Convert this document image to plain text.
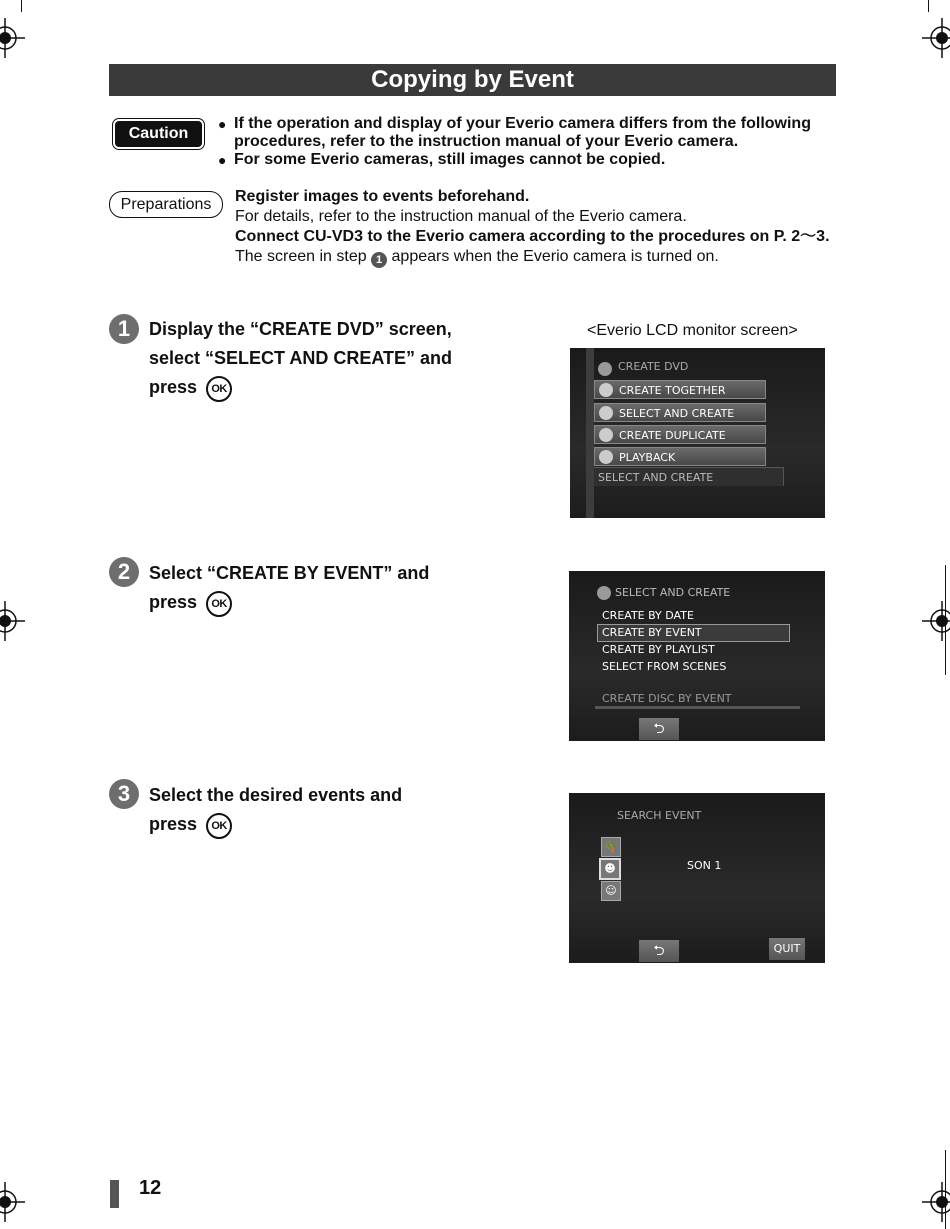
Copying by Event
Caution

● If the operation and display of your Everio camera differs from the following procedures, refer to the instruction manual of your Everio camera.

● For some Everio cameras, still images cannot be copied.

Preparations	Register images to events beforehand.
For details, refer to the instruction manual of the Everio camera.
Connect CU-VD3 to the Everio camera according to the procedures on P. 2～3.
The screen in step 1 appears when the Everio camera is turned on.
<Everio LCD monitor screen>
1	Display the “CREATE DVD” screen, select “SELECT AND CREATE” and press OK
CREATE DVD
CREATE TOGETHER
SELECT AND CREATE
CREATE DUPLICATE
PLAYBACK
SELECT AND CREATE
2	Select “CREATE BY EVENT” and press OK
SELECT AND CREATE
CREATE BY DATE
CREATE BY EVENT
CREATE BY PLAYLIST
SELECT FROM SCENES
CREATE DISC BY EVENT
⮌
3	Select the desired events and press OK
SEARCH EVENT
🌴
☻
☺
SON 1
⮌	QUIT
12
